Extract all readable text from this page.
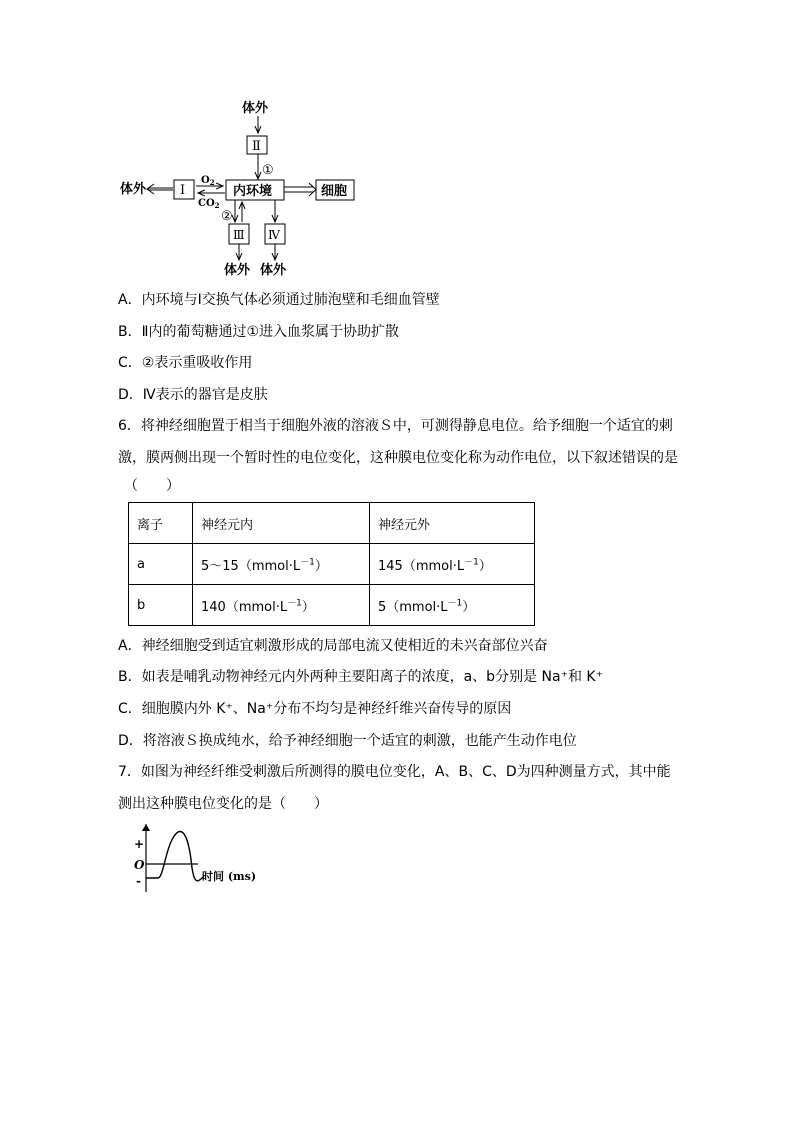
体外
Ⅱ
①
体外	Ⅰ
$O_2$
$CO_2$
内环境	细胞
②
Ⅲ Ⅳ
体外 体外
A．内环境与Ⅰ交换气体必须通过肺泡壁和毛细血管壁
B．Ⅱ内的葡萄糖通过①进入血浆属于协助扩散
C．②表示重吸收作用
D．Ⅳ表示的器官是皮肤
6．将神经细胞置于相当于细胞外液的溶液Ｓ中，可测得静息电位。给予细胞一个适宜的刺
激，膜两侧出现一个暂时性的电位变化，这种膜电位变化称为动作电位，以下叙述错误的是
（　　）
离子	神经元内	神经元外
a	$5\sim 15(mmol\cdot L^{-1})$	$145(mmol\cdot L^{-1})$
b	$140(mmol\cdot L^{-1})$	$5(mmol\cdot L^{-1})$
A．神经细胞受到适宜刺激形成的局部电流又使相近的未兴奋部位兴奋
B．如表是哺乳动物神经元内外两种主要阳离子的浓度，a、b分别是 Na⁺和 K⁺
C．细胞膜内外 K⁺、Na⁺分布不均匀是神经纤维兴奋传导的原因
D．将溶液Ｓ换成纯水，给予神经细胞一个适宜的刺激，也能产生动作电位
7．如图为神经纤维受刺激后所测得的膜电位变化，A、B、C、D为四种测量方式，其中能
测出这种膜电位变化的是（　　）
+
O
-	时间 (ms)
